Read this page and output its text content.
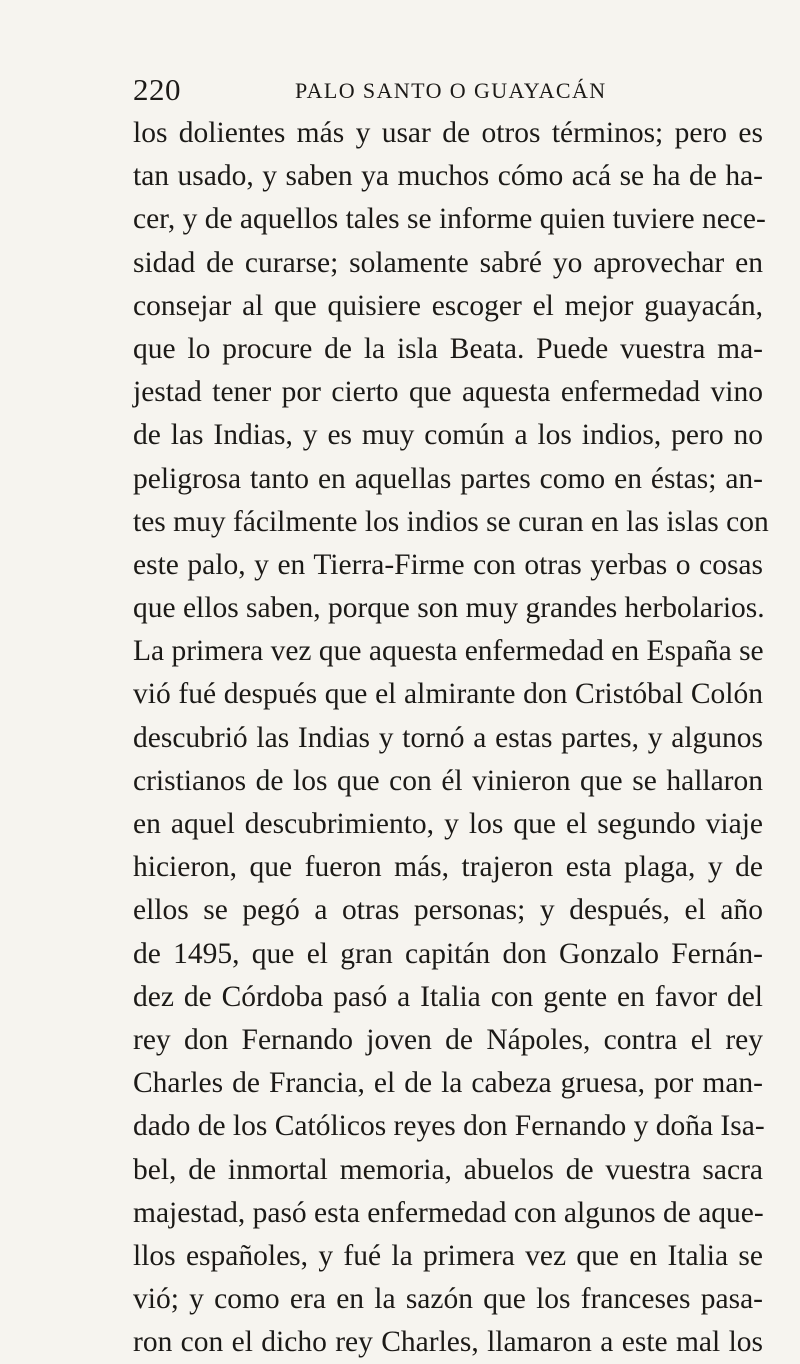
220	PALO SANTO O GUAYACÁN
los dolientes más y usar de otros términos; pero es
tan usado, y saben ya muchos cómo acá se ha de ha-
cer, y de aquellos tales se informe quien tuviere nece-
sidad de curarse; solamente sabré yo aprovechar en
consejar al que quisiere escoger el mejor guayacán,
que lo procure de la isla Beata. Puede vuestra ma-
jestad tener por cierto que aquesta enfermedad vino
de las Indias, y es muy común a los indios, pero no
peligrosa tanto en aquellas partes como en éstas; an-
tes muy fácilmente los indios se curan en las islas con
este palo, y en Tierra-Firme con otras yerbas o cosas
que ellos saben, porque son muy grandes herbolarios.
La primera vez que aquesta enfermedad en España se
vió fué después que el almirante don Cristóbal Colón
descubrió las Indias y tornó a estas partes, y algunos
cristianos de los que con él vinieron que se hallaron
en aquel descubrimiento, y los que el segundo viaje
hicieron, que fueron más, trajeron esta plaga, y de
ellos se pegó a otras personas; y después, el año
de 1495, que el gran capitán don Gonzalo Fernán-
dez de Córdoba pasó a Italia con gente en favor del
rey don Fernando joven de Nápoles, contra el rey
Charles de Francia, el de la cabeza gruesa, por man-
dado de los Católicos reyes don Fernando y doña Isa-
bel, de inmortal memoria, abuelos de vuestra sacra
majestad, pasó esta enfermedad con algunos de aque-
llos españoles, y fué la primera vez que en Italia se
vió; y como era en la sazón que los franceses pasa-
ron con el dicho rey Charles, llamaron a este mal los
